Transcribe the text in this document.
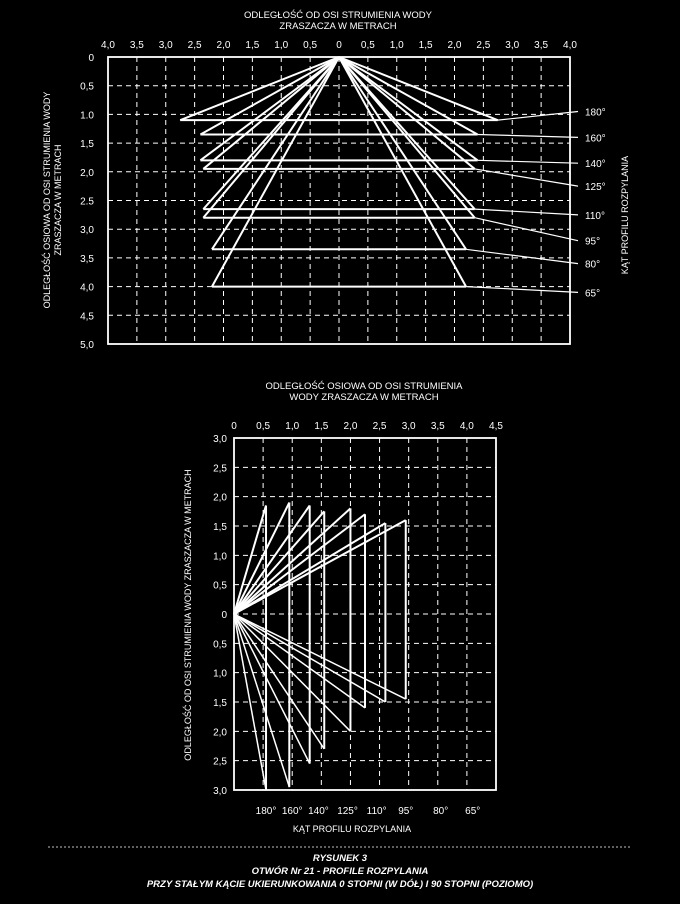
ODLEGŁOŚĆ OD OSI STRUMIENIA WODY
ZRASZACZA W METRACH
4,0 3,5 3,0 2,5 2,0 1,5 1,0 0,5 0 0,5 1,0 1,5 2,0 2,5 3,0 3,5 4,0
0
0,5
1.0
1,5
2,0
2.5
3,0
3,5
4,0
4,5
5,0
180°
160°
140°
125°
110°
95°
80°
65°
ODLEGŁOŚĆ OSIOWA OD OSI STRUMIENIA WODY ZRASZACZA W METRACH	KĄT PROFILU ROZPYLANIA
ODLEGŁOŚĆ OSIOWA OD OSI STRUMIENIA
WODY ZRASZACZA W METRACH
0 0,5 1,0 1,5 2,0 2,5 3,0 3,5 4,0 4,5
3,0
2,5
2,0
1,5
1,0
0,5
0
0,5
1,0
1,5
2,0
2,5
3,0
180° 160° 140° 125° 110° 95° 80° 65°
ODLEGŁOŚĆ OD OSI STRUMIENIA WODY ZRASZACZA W METRACH
KĄT PROFILU ROZPYLANIA
RYSUNEK 3
OTWÓR Nr 21 - PROFILE ROZPYLANIA
PRZY STAŁYM KĄCIE UKIERUNKOWANIA 0 STOPNI (W DÓŁ) I 90 STOPNI (POZIOMO)
